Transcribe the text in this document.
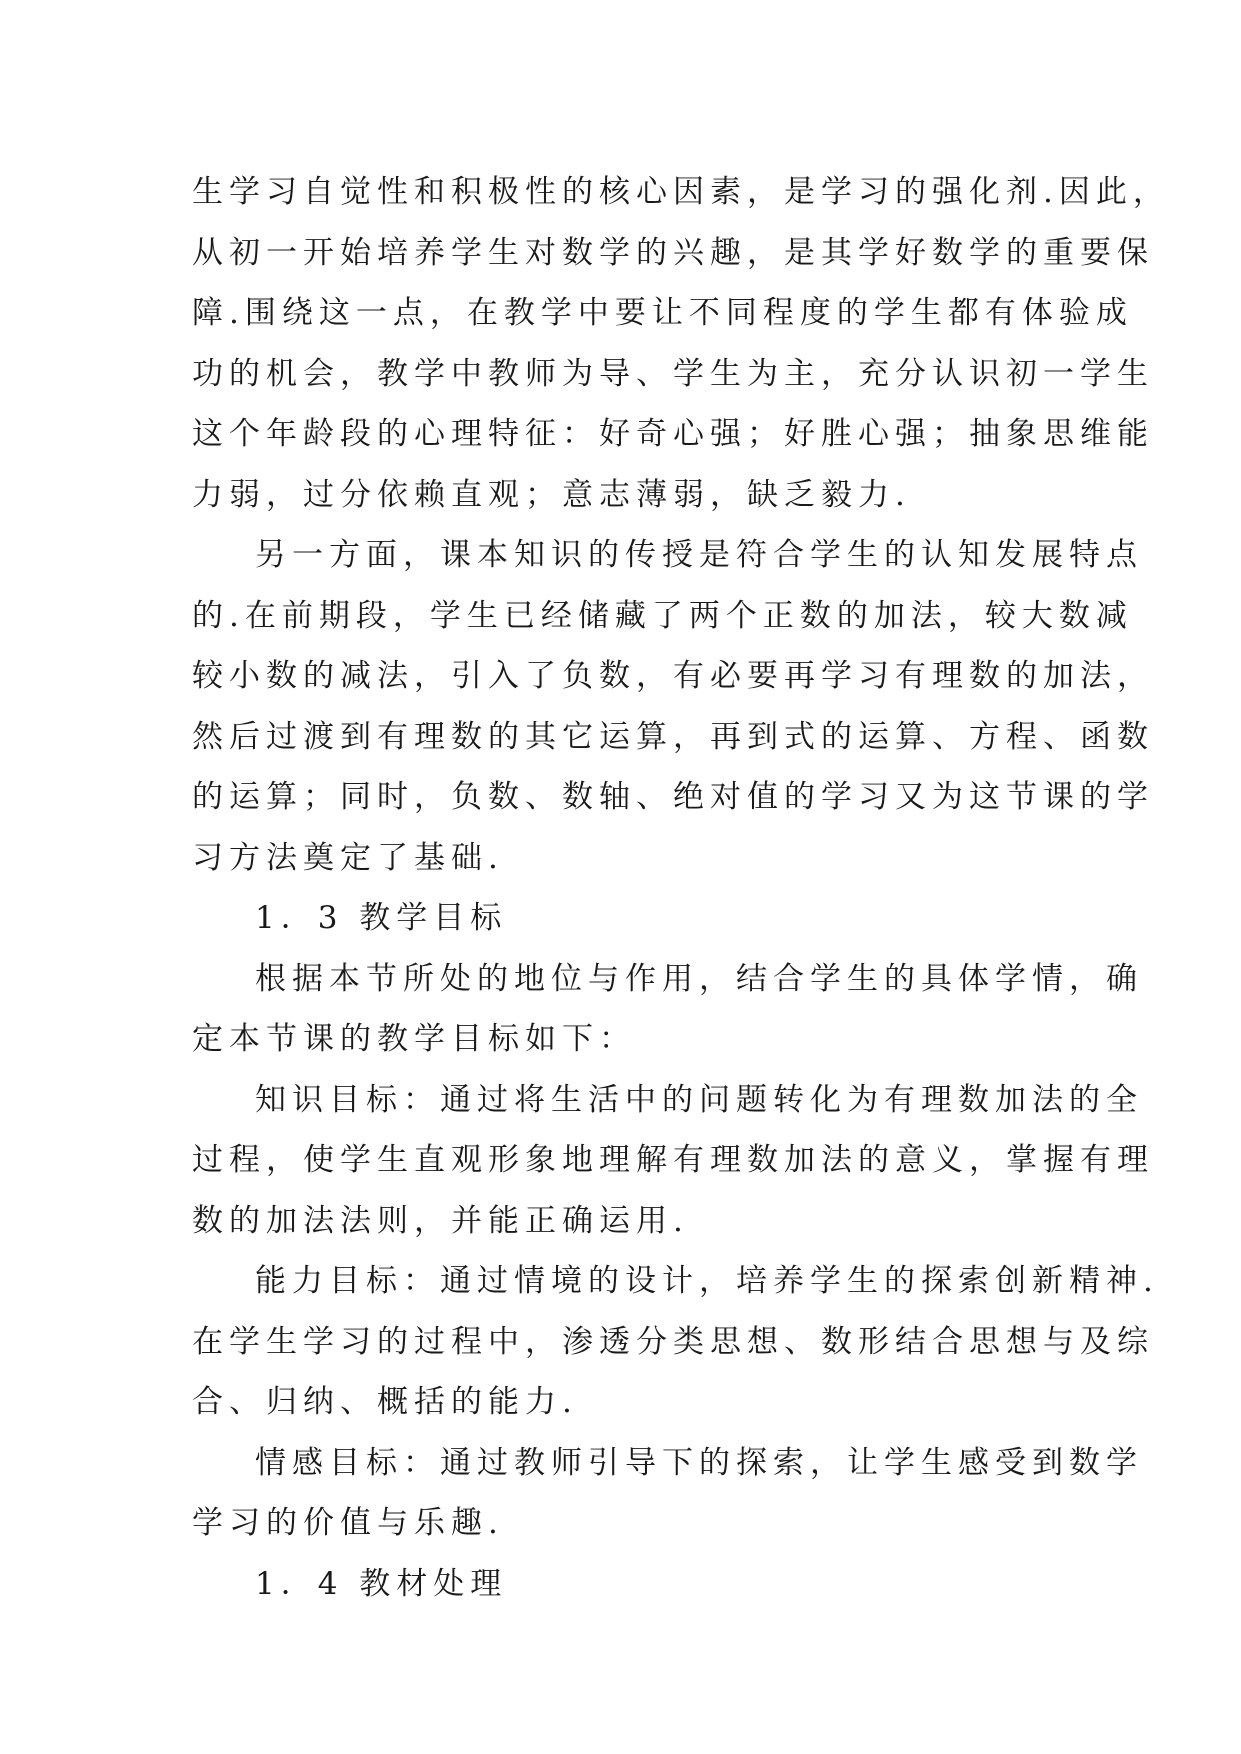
生学习自觉性和积极性的核心因素，是学习的强化剂.因此，
从初一开始培养学生对数学的兴趣，是其学好数学的重要保
障.围绕这一点，在教学中要让不同程度的学生都有体验成
功的机会，教学中教师为导、学生为主，充分认识初一学生
这个年龄段的心理特征：好奇心强；好胜心强；抽象思维能
力弱，过分依赖直观；意志薄弱，缺乏毅力.
另一方面，课本知识的传授是符合学生的认知发展特点
的.在前期段，学生已经储藏了两个正数的加法，较大数减
较小数的减法，引入了负数，有必要再学习有理数的加法，
然后过渡到有理数的其它运算，再到式的运算、方程、函数
的运算；同时，负数、数轴、绝对值的学习又为这节课的学
习方法奠定了基础.
1．3 教学目标
根据本节所处的地位与作用，结合学生的具体学情，确
定本节课的教学目标如下：
知识目标：通过将生活中的问题转化为有理数加法的全
过程，使学生直观形象地理解有理数加法的意义，掌握有理
数的加法法则，并能正确运用.
能力目标：通过情境的设计，培养学生的探索创新精神.
在学生学习的过程中，渗透分类思想、数形结合思想与及综
合、归纳、概括的能力.
情感目标：通过教师引导下的探索，让学生感受到数学
学习的价值与乐趣.
1．4 教材处理
